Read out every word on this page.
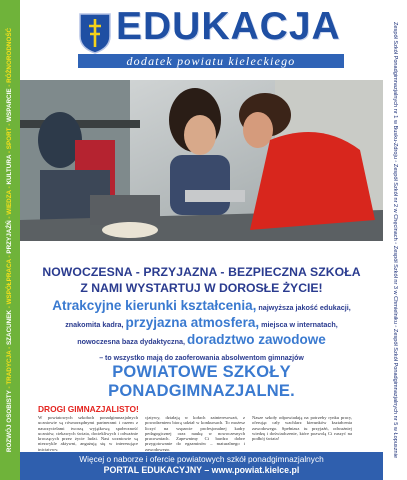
ROZWÓJ OSOBISTY - TRADYCJA - SZACUNEK - WSPÓŁPRACA - PRZYJAŹŃ - WIEDZA - KULTURA - SPORT - WSPARCIE - RÓŻNORODNOŚĆ
EDUKACJA
dodatek powiatu kieleckiego
NOWOCZESNA - PRZYJAZNA - BEZPIECZNA SZKOŁA
Z NAMI WYSTARTUJ W DOROSŁE ŻYCIE!
Atrakcyjne kierunki kształcenia, najwyższa jakość edukacji,
znakomita kadra, przyjazna atmosfera, miejsca w internatach,
nowoczesna baza dydaktyczna, doradztwo zawodowe
– to wszystko mają do zaoferowania absolwentom gimnazjów
POWIATOWE SZKOŁY PONADGIMNAZJALNE.
DROGI GIMNAZJALISTO!
W powiatowych szkołach ponadgimnazjalnych uczniowie są równorzędnymi partnerami i razem z nauczycielami tworzą wyjątkową społeczność uczniów, ciekawych świata, dociekliwych i odważnie kroczących przez życie ludzi. Nasi uczniowie są niezwykle aktywni, angażują się w interesujące inicjatywy,
cjatywy, działają w kołach zainteresowań, z powodzeniem biorą udział w konkursach. To możesz liczyć na wsparcie profesjonalnej kadry pedagogicznej oraz naukę w nowoczesnych pracowniach. Zapewnimy Ci bardzo dobre przygotowanie do egzaminów – maturalnego i zawodowego.
Nasze szkoły odpowiadają na potrzeby rynku pracy, oferując cały wachlarz kierunków kształcenia zawodowego. Spełniasz tu przyjaźń, odważniej wiedzę i doświadczenie, które pozwolą Ci ruszyć na podbój świata!
Więcej o naborze i ofercie powiatowych szkół ponadgimnazjalnych
PORTAL EDUKACYJNY – www.powiat.kielce.pl
Zespół Szkół Ponadgimnazjalnych nr 1 w Busku-Zdroju ◦ Zespół Szkół nr 2 w Chęcinach ◦ Zespół Szkół nr 3 w Chmielniku ◦ Zespół Szkół Ponadgimnazjalnych nr 5 w Łopusznie
